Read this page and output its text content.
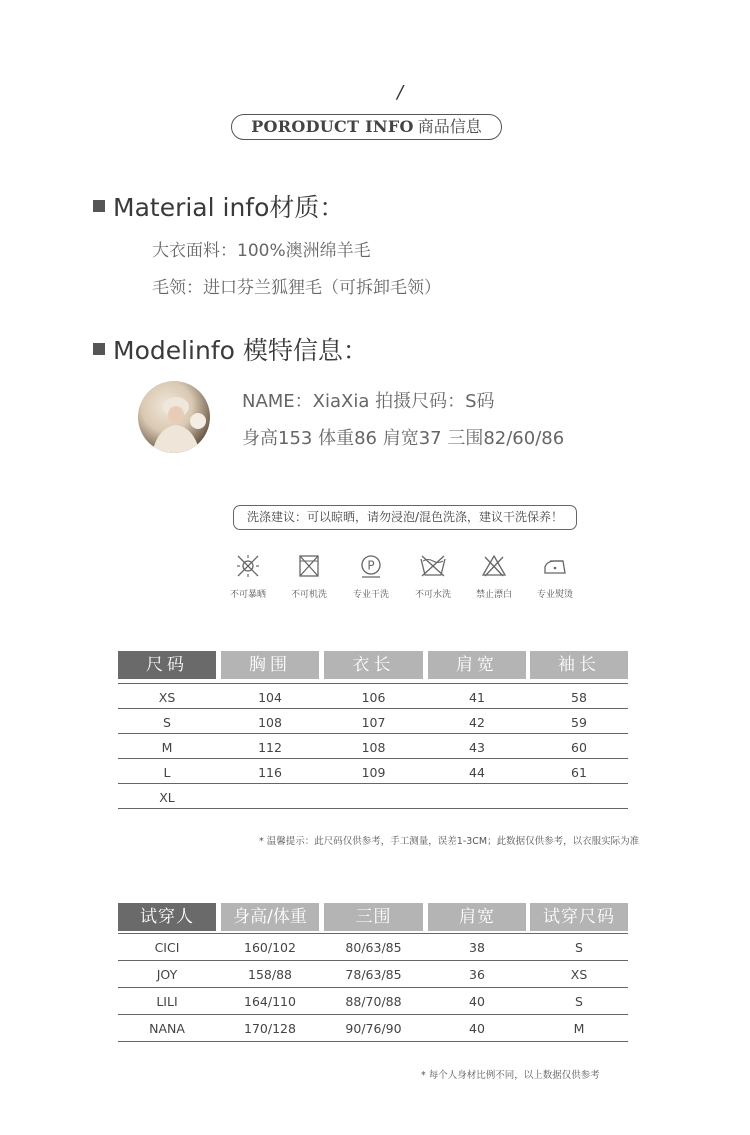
/
PORODUCT INFO 商品信息
Material info材质：
大衣面料：100%澳洲绵羊毛
毛领：进口芬兰狐狸毛（可拆卸毛领）
Modelinfo 模特信息：
NAME：XiaXia 拍摄尺码：S码
身高153 体重86 肩宽37 三围82/60/86
洗涤建议：可以晾晒，请勿浸泡/混色洗涤，建议干洗保养！
不可暴晒	不可机洗
P
专业干洗	不可水洗	禁止漂白	专业熨烫
尺码	胸围	衣长	肩宽	袖长
XS	104	106	41	58
S	108	107	42	59
M	112	108	43	60
L	116	109	44	61
XL
* 温馨提示：此尺码仅供参考，手工测量，误差1-3CM；此数据仅供参考，以衣服实际为准
试穿人	身高/体重	三围	肩宽	试穿尺码
CICI	160/102	80/63/85	38	S
JOY	158/88	78/63/85	36	XS
LILI	164/110	88/70/88	40	S
NANA	170/128	90/76/90	40	M
* 每个人身材比例不同，以上数据仅供参考
